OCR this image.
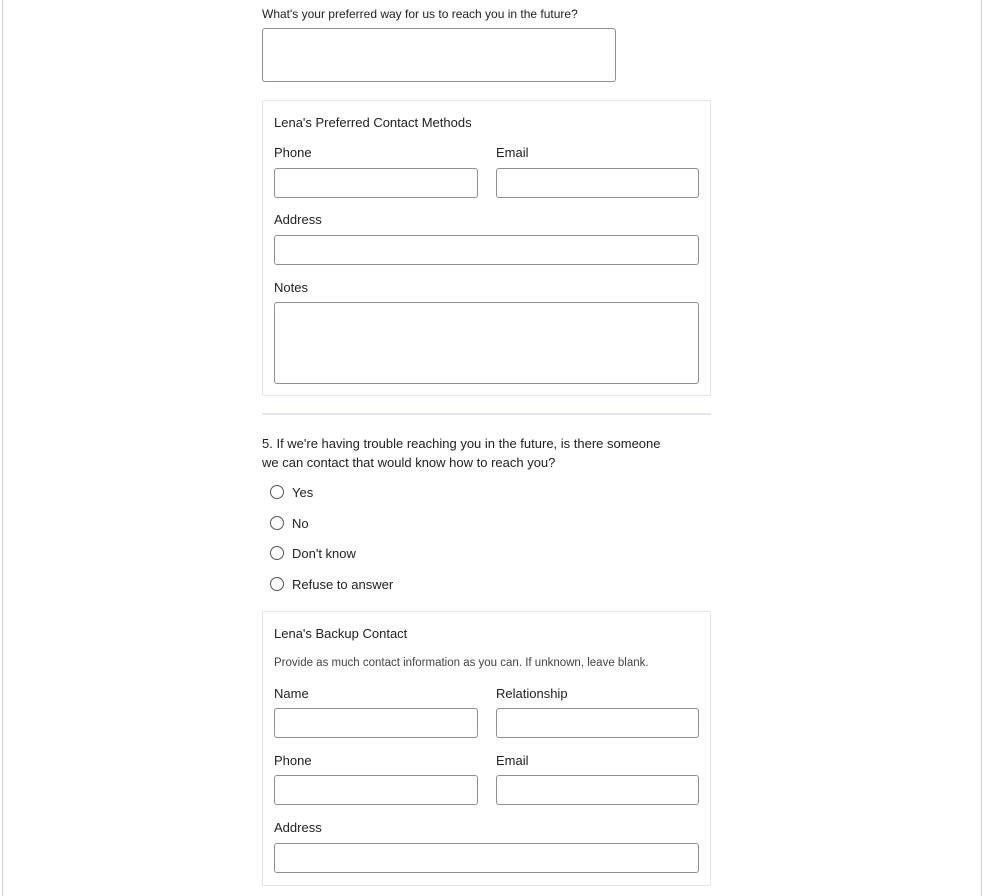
What's your preferred way for us to reach you in the future?
Lena's Preferred Contact Methods
Phone	Email
Address
Notes
5. If we're having trouble reaching you in the future, is there someone
we can contact that would know how to reach you?
Yes
No
Don't know
Refuse to answer
Lena's Backup Contact
Provide as much contact information as you can. If unknown, leave blank.
Name	Relationship
Phone	Email
Address
